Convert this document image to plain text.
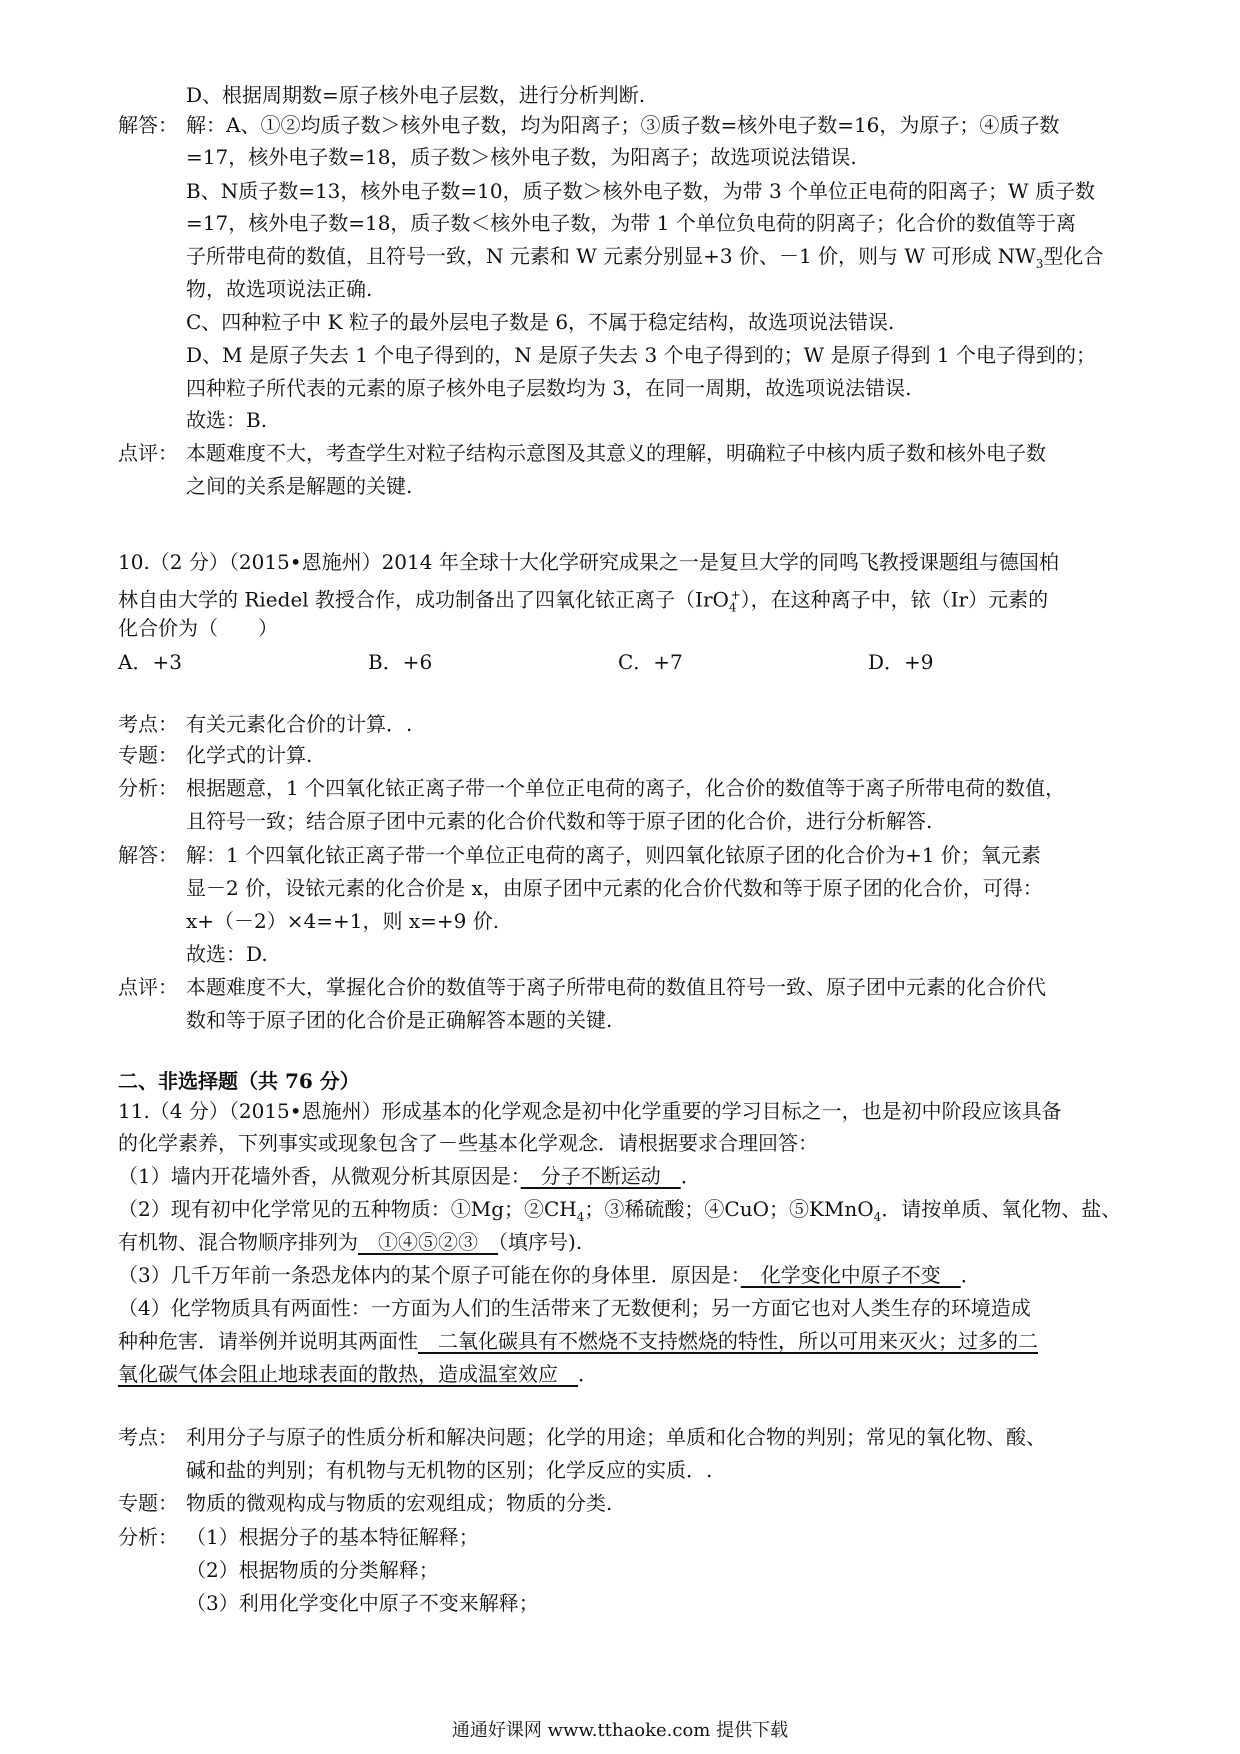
D、根据周期数=原子核外电子层数，进行分析判断.
解答： 解：A、①②均质子数＞核外电子数，均为阳离子；③质子数=核外电子数=16，为原子；④质子数
=17，核外电子数=18，质子数＞核外电子数，为阳离子；故选项说法错误.
B、N质子数=13，核外电子数=10，质子数＞核外电子数，为带 3 个单位正电荷的阳离子；W 质子数
=17，核外电子数=18，质子数＜核外电子数，为带 1 个单位负电荷的阴离子；化合价的数值等于离
子所带电荷的数值，且符号一致，N 元素和 W 元素分别显+3 价、－1 价，则与 W 可形成 $NW_3$型化合
物，故选项说法正确.
C、四种粒子中 K 粒子的最外层电子数是 6，不属于稳定结构，故选项说法错误.
D、M 是原子失去 1 个电子得到的，N 是原子失去 3 个电子得到的；W 是原子得到 1 个电子得到的；
四种粒子所代表的元素的原子核外电子层数均为 3，在同一周期，故选项说法错误.
故选：B.
点评： 本题难度不大，考查学生对粒子结构示意图及其意义的理解，明确粒子中核内质子数和核外电子数
之间的关系是解题的关键.
10.（2 分）（2015•恩施州）2014 年全球十大化学研究成果之一是复旦大学的同鸣飞教授课题组与德国柏
林自由大学的 Riedel 教授合作，成功制备出了四氧化铱正离子（IrO$_4$+），在这种离子中，铱（Ir）元素的
化合价为（　　）
A．+3	B．+6	C．+7	D．+9
考点： 有关元素化合价的计算．.
专题： 化学式的计算.
分析： 根据题意，1 个四氧化铱正离子带一个单位正电荷的离子，化合价的数值等于离子所带电荷的数值，
且符号一致；结合原子团中元素的化合价代数和等于原子团的化合价，进行分析解答.
解答： 解：1 个四氧化铱正离子带一个单位正电荷的离子，则四氧化铱原子团的化合价为+1 价；氧元素
显－2 价，设铱元素的化合价是 x，由原子团中元素的化合价代数和等于原子团的化合价，可得：
x+（－2）×4=+1，则 x=+9 价.
故选：D.
点评： 本题难度不大，掌握化合价的数值等于离子所带电荷的数值且符号一致、原子团中元素的化合价代
数和等于原子团的化合价是正确解答本题的关键.
二、非选择题（共 76 分）
11.（4 分）（2015•恩施州）形成基本的化学观念是初中化学重要的学习目标之一，也是初中阶段应该具备
的化学素养，下列事实或现象包含了－些基本化学观念．请根据要求合理回答：
（1）墙内开花墙外香，从微观分析其原因是：　分子不断运动　．
（2）现有初中化学常见的五种物质：①Mg；$②CH_4$；③稀硫酸；④CuO；⑤KMnO$_4$．请按单质、氧化物、盐、
有机物、混合物顺序排列为　①④⑤②③　（填序号).
（3）几千万年前一条恐龙体内的某个原子可能在你的身体里．原因是：　化学变化中原子不变　．
（4）化学物质具有两面性：一方面为人们的生活带来了无数便利；另一方面它也对人类生存的环境造成
种种危害．请举例并说明其两面性　二氧化碳具有不燃烧不支持燃烧的特性，所以可用来灭火；过多的二
氧化碳气体会阻止地球表面的散热，造成温室效应　．
考点： 利用分子与原子的性质分析和解决问题；化学的用途；单质和化合物的判别；常见的氧化物、酸、
碱和盐的判别；有机物与无机物的区别；化学反应的实质．.
专题： 物质的微观构成与物质的宏观组成；物质的分类.
分析： （1）根据分子的基本特征解释；
（2）根据物质的分类解释；
（3）利用化学变化中原子不变来解释；
通通好课网 www.tthaoke.com 提供下载
